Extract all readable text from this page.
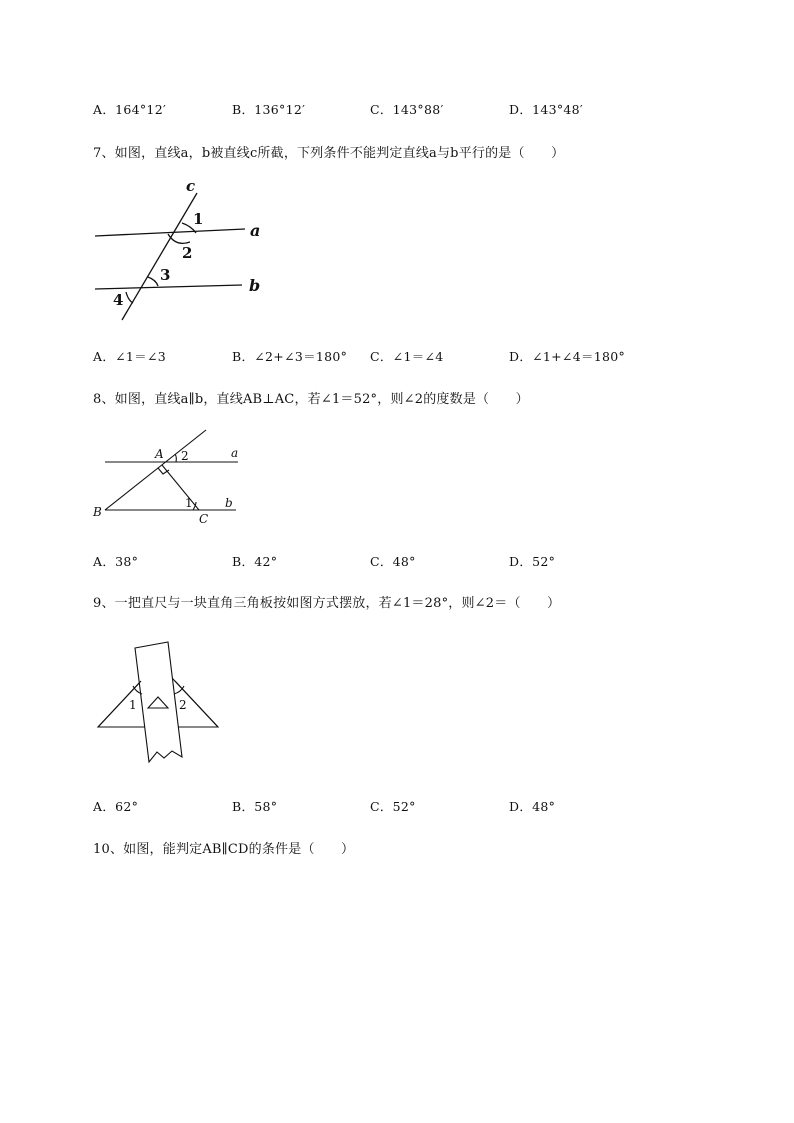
A．164°12′	B．136°12′	C．143°88′	D．143°48′
7、如图，直线a，b被直线c所截，下列条件不能判定直线a与b平行的是（　　）
c
a
b
1
2
3
4
A．∠1＝∠3	B．∠2+∠3＝180° C．∠1＝∠4	D．∠1+∠4＝180°
8、如图，直线a∥b，直线AB⊥AC，若∠1＝52°，则∠2的度数是（　　）
A 2	a
1	b
B	C
A．38°	B．42°	C．48°	D．52°
9、一把直尺与一块直角三角板按如图方式摆放，若∠1＝28°，则∠2＝（　　）
1	2
A．62°	B．58°	C．52°	D．48°
10、如图，能判定AB∥CD的条件是（　　）
